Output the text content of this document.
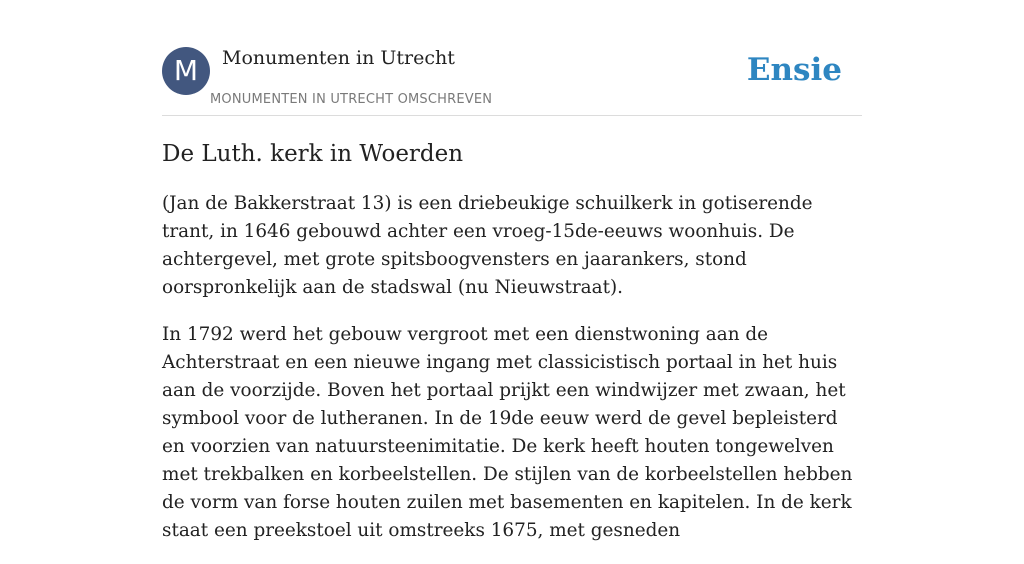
M	Monumenten in Utrecht
MONUMENTEN IN UTRECHT OMSCHREVEN
Ensie
De Luth. kerk in Woerden

(Jan de Bakkerstraat 13) is een driebeukige schuilkerk in gotiserende trant, in 1646 gebouwd achter een vroeg-15de-eeuws woonhuis. De achtergevel, met grote spitsboogvensters en jaarankers, stond oorspronkelijk aan de stadswal (nu Nieuwstraat).

In 1792 werd het gebouw vergroot met een dienstwoning aan de Achterstraat en een nieuwe ingang met classicistisch portaal in het huis aan de voorzijde. Boven het portaal prijkt een windwijzer met zwaan, het symbool voor de lutheranen. In de 19de eeuw werd de gevel bepleisterd en voorzien van natuursteenimitatie. De kerk heeft houten tongewelven met trekbalken en korbeelstellen. De stijlen van de korbeelstellen hebben de vorm van forse houten zuilen met basementen en kapitelen. In de kerk staat een preekstoel uit omstreeks 1675, met gesneden
